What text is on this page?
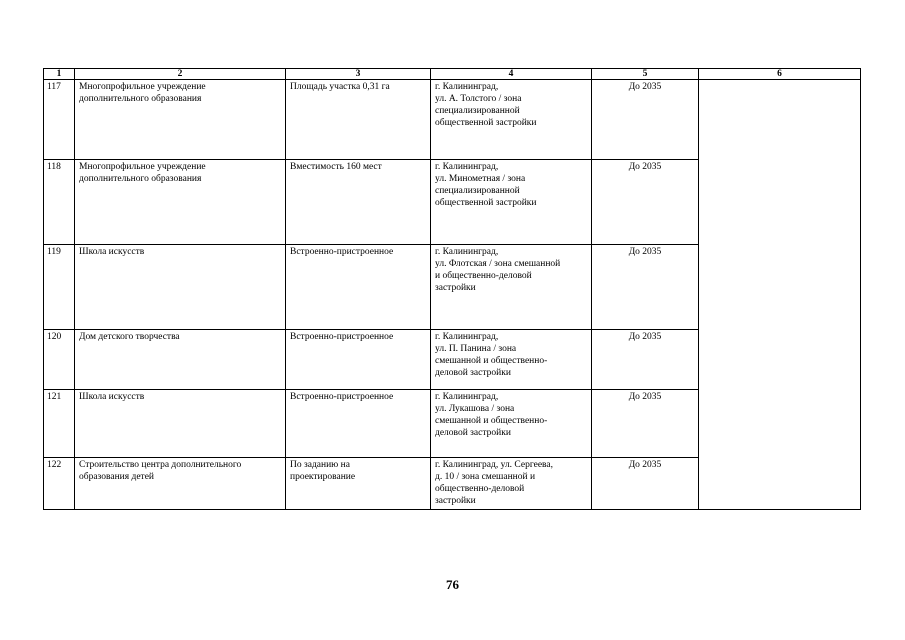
1	2	3	4	5	6
117	Многопрофильное учреждение
дополнительного образования	Площадь участка 0,31 га	г. Калининград,
ул. А. Толстого / зона
специализированной
общественной застройки	До 2035	
118	Многопрофильное учреждение
дополнительного образования	Вместимость 160 мест	г. Калининград,
ул. Минометная / зона
специализированной
общественной застройки	До 2035	
119	Школа искусств	Встроенно-пристроенное	г. Калининград,
ул. Флотская / зона смешанной
и общественно-деловой
застройки	До 2035	
120	Дом детского творчества	Встроенно-пристроенное	г. Калининград,
ул. П. Панина / зона
смешанной и общественно-
деловой застройки	До 2035	
121	Школа искусств	Встроенно-пристроенное	г. Калининград,
ул. Лукашова / зона
смешанной и общественно-
деловой застройки	До 2035	
122	Строительство центра дополнительного
образования детей	По заданию на
проектирование	г. Калининград, ул. Сергеева,
д. 10 / зона смешанной и
общественно-деловой
застройки	До 2035	
76
